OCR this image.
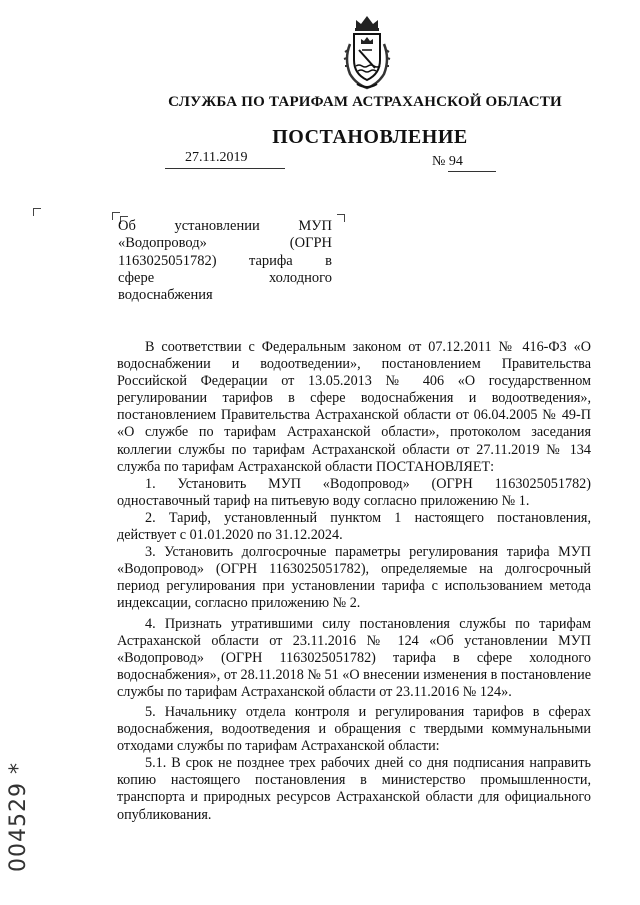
СЛУЖБА ПО ТАРИФАМ АСТРАХАНСКОЙ ОБЛАСТИ
ПОСТАНОВЛЕНИЕ
27.11.2019	№ 94
Об установлении МУП
«Водопровод» (ОГРН
1163025051782) тарифа в
сфере холодного
водоснабжения

В соответствии с Федеральным законом от 07.12.2011 № 416-ФЗ «О водоснабжении и водоотведении», постановлением Правительства Российской Федерации от 13.05.2013 № 406 «О государственном регулировании тарифов в сфере водоснабжения и водоотведения», постановлением Правительства Астраханской области от 06.04.2005 № 49-П «О службе по тарифам Астраханской области», протоколом заседания коллегии службы по тарифам Астраханской области от 27.11.2019 № 134 служба по тарифам Астраханской области ПОСТАНОВЛЯЕТ:

1. Установить МУП «Водопровод» (ОГРН 1163025051782) одноставочный тариф на питьевую воду согласно приложению № 1.

2. Тариф, установленный пунктом 1 настоящего постановления, действует с 01.01.2020 по 31.12.2024.

3. Установить долгосрочные параметры регулирования тарифа МУП «Водопровод» (ОГРН 1163025051782), определяемые на долгосрочный период регулирования при установлении тарифа с использованием метода индексации, согласно приложению № 2.

4. Признать утратившими силу постановления службы по тарифам Астраханской области от 23.11.2016 № 124 «Об установлении МУП «Водопровод» (ОГРН 1163025051782) тарифа в сфере холодного водоснабжения», от 28.11.2018 № 51 «О внесении изменения в постановление службы по тарифам Астраханской области от 23.11.2016 № 124».

5. Начальнику отдела контроля и регулирования тарифов в сферах водоснабжения, водоотведения и обращения с твердыми коммунальными отходами службы по тарифам Астраханской области:

5.1. В срок не позднее трех рабочих дней со дня подписания направить копию настоящего постановления в министерство промышленности, транспорта и природных ресурсов Астраханской области для официального опубликования.

004529 *
